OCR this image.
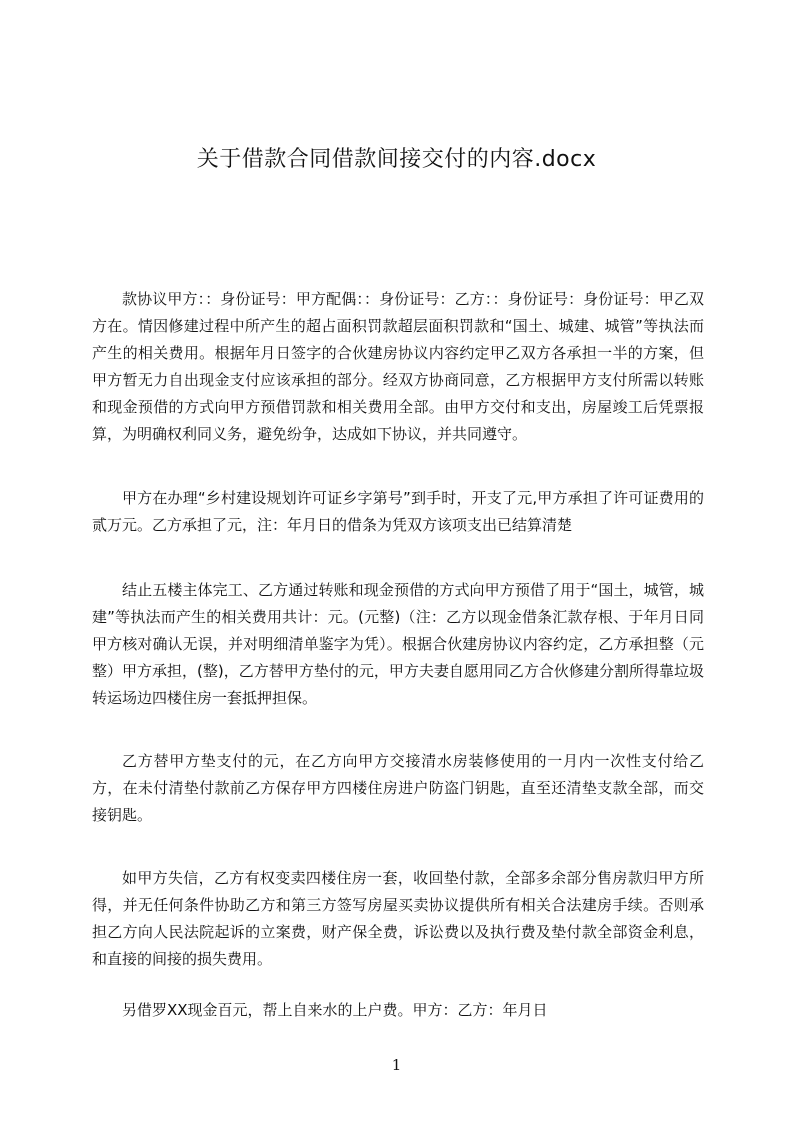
关于借款合同借款间接交付的内容.docx

款协议甲方：：身份证号：甲方配偶：：身份证号：乙方：：身份证号：身份证号：甲乙双方在。情因修建过程中所产生的超占面积罚款超层面积罚款和“国土、城建、城管”等执法而产生的相关费用。根据年月日签字的合伙建房协议内容约定甲乙双方各承担一半的方案，但甲方暂无力自出现金支付应该承担的部分。经双方协商同意，乙方根据甲方支付所需以转账和现金预借的方式向甲方预借罚款和相关费用全部。由甲方交付和支出，房屋竣工后凭票报算，为明确权利同义务，避免纷争，达成如下协议，并共同遵守。

甲方在办理“乡村建设规划许可证乡字第号”到手时，开支了元,甲方承担了许可证费用的贰万元。乙方承担了元，注：年月日的借条为凭双方该项支出已结算清楚

结止五楼主体完工、乙方通过转账和现金预借的方式向甲方预借了用于“国土，城管，城建”等执法而产生的相关费用共计：元。(元整)（注：乙方以现金借条汇款存根、于年月日同甲方核对确认无误，并对明细清单鉴字为凭）。根据合伙建房协议内容约定，乙方承担整（元整）甲方承担，(整)，乙方替甲方垫付的元，甲方夫妻自愿用同乙方合伙修建分割所得靠垃圾转运场边四楼住房一套抵押担保。

乙方替甲方垫支付的元，在乙方向甲方交接清水房装修使用的一月内一次性支付给乙方，在未付清垫付款前乙方保存甲方四楼住房进户防盗门钥匙，直至还清垫支款全部，而交接钥匙。

如甲方失信，乙方有权变卖四楼住房一套，收回垫付款，全部多余部分售房款归甲方所得，并无任何条件协助乙方和第三方签写房屋买卖协议提供所有相关合法建房手续。否则承担乙方向人民法院起诉的立案费，财产保全费，诉讼费以及执行费及垫付款全部资金利息，和直接的间接的损失费用。

另借罗XX现金百元，帮上自来水的上户费。甲方：乙方：年月日

1
